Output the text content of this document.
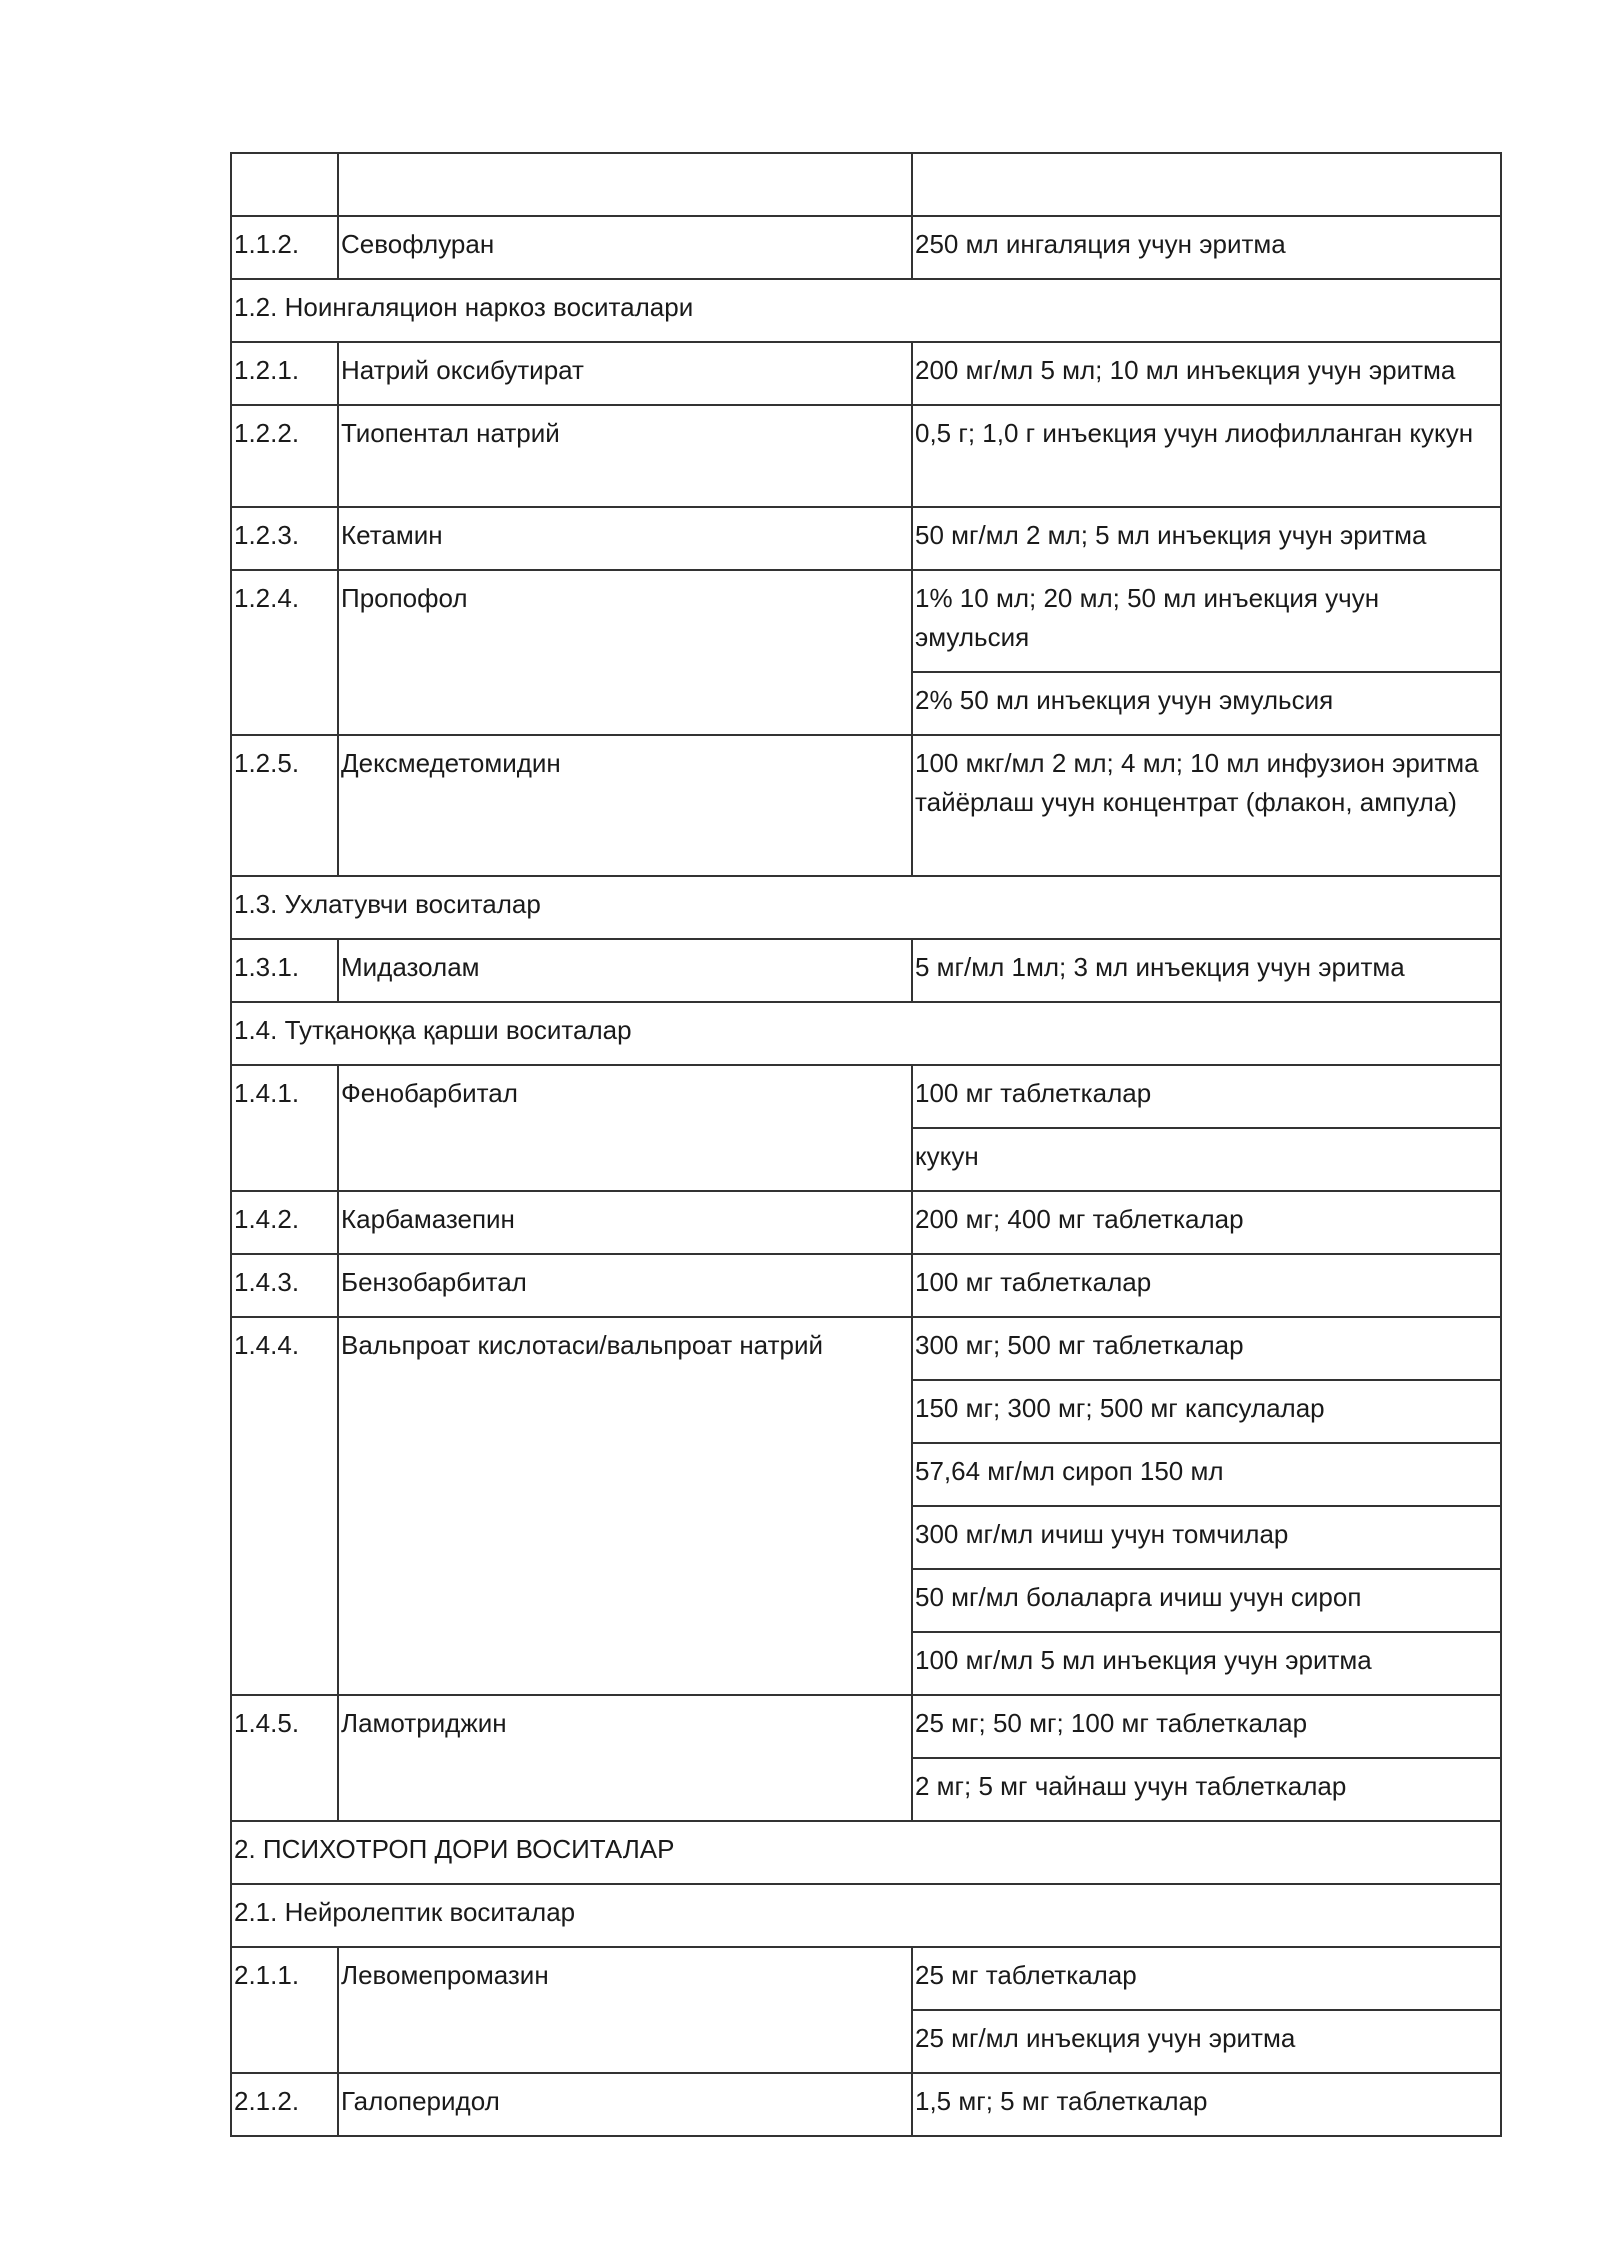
1.1.2.	Севофлуран	250 мл ингаляция учун эритма
1.2. Ноингаляцион наркоз воситалари		
1.2.1.	Натрий оксибутират	200 мг/мл 5 мл; 10 мл инъекция учун эритма
1.2.2.	Тиопентал натрий	0,5 г; 1,0 г инъекция учун лиофилланган кукун
1.2.3.	Кетамин	50 мг/мл 2 мл; 5 мл инъекция учун эритма
1.2.4.	Пропофол	1% 10 мл; 20 мл; 50 мл инъекция учун эмульсия
		2% 50 мл инъекция учун эмульсия
1.2.5.	Дексмедетомидин	100 мкг/мл 2 мл; 4 мл; 10 мл инфузион эритма тайёрлаш учун концентрат (флакон, ампула)
1.3. Ухлатувчи воситалар		
1.3.1.	Мидазолам	5 мг/мл 1мл; 3 мл инъекция учун эритма
1.4. Тутқаноққа қарши воситалар		
1.4.1.	Фенобарбитал	100 мг таблеткалар
		кукун
1.4.2.	Карбамазепин	200 мг; 400 мг таблеткалар
1.4.3.	Бензобарбитал	100 мг таблеткалар
1.4.4.	Вальпроат кислотаси/вальпроат натрий	300 мг; 500 мг таблеткалар
		150 мг; 300 мг; 500 мг капсулалар
		57,64 мг/мл сироп 150 мл
		300 мг/мл ичиш учун томчилар
		50 мг/мл болаларга ичиш учун сироп
		100 мг/мл 5 мл инъекция учун эритма
1.4.5.	Ламотриджин	25 мг; 50 мг; 100 мг таблеткалар
		2 мг; 5 мг чайнаш учун таблеткалар
2. ПСИХОТРОП ДОРИ ВОСИТАЛАР		
2.1. Нейролептик воситалар		
2.1.1.	Левомепромазин	25 мг таблеткалар
		25 мг/мл инъекция учун эритма
2.1.2.	Галоперидол	1,5 мг; 5 мг таблеткалар
